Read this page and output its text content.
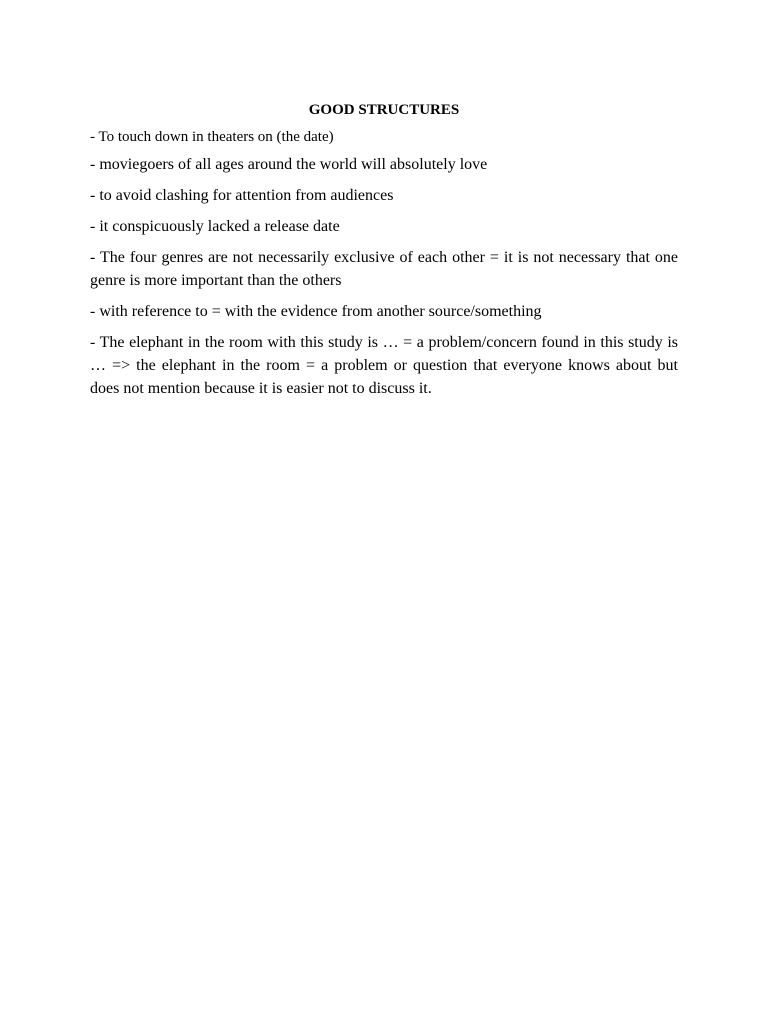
GOOD STRUCTURES
- To touch down in theaters on (the date)
- moviegoers of all ages around the world will absolutely love
- to avoid clashing for attention from audiences
- it conspicuously lacked a release date
- The four genres are not necessarily exclusive of each other = it is not necessary that one genre is more important than the others
- with reference to = with the evidence from another source/something
- The elephant in the room with this study is … = a problem/concern found in this study is … => the elephant in the room = a problem or question that everyone knows about but does not mention because it is easier not to discuss it.
